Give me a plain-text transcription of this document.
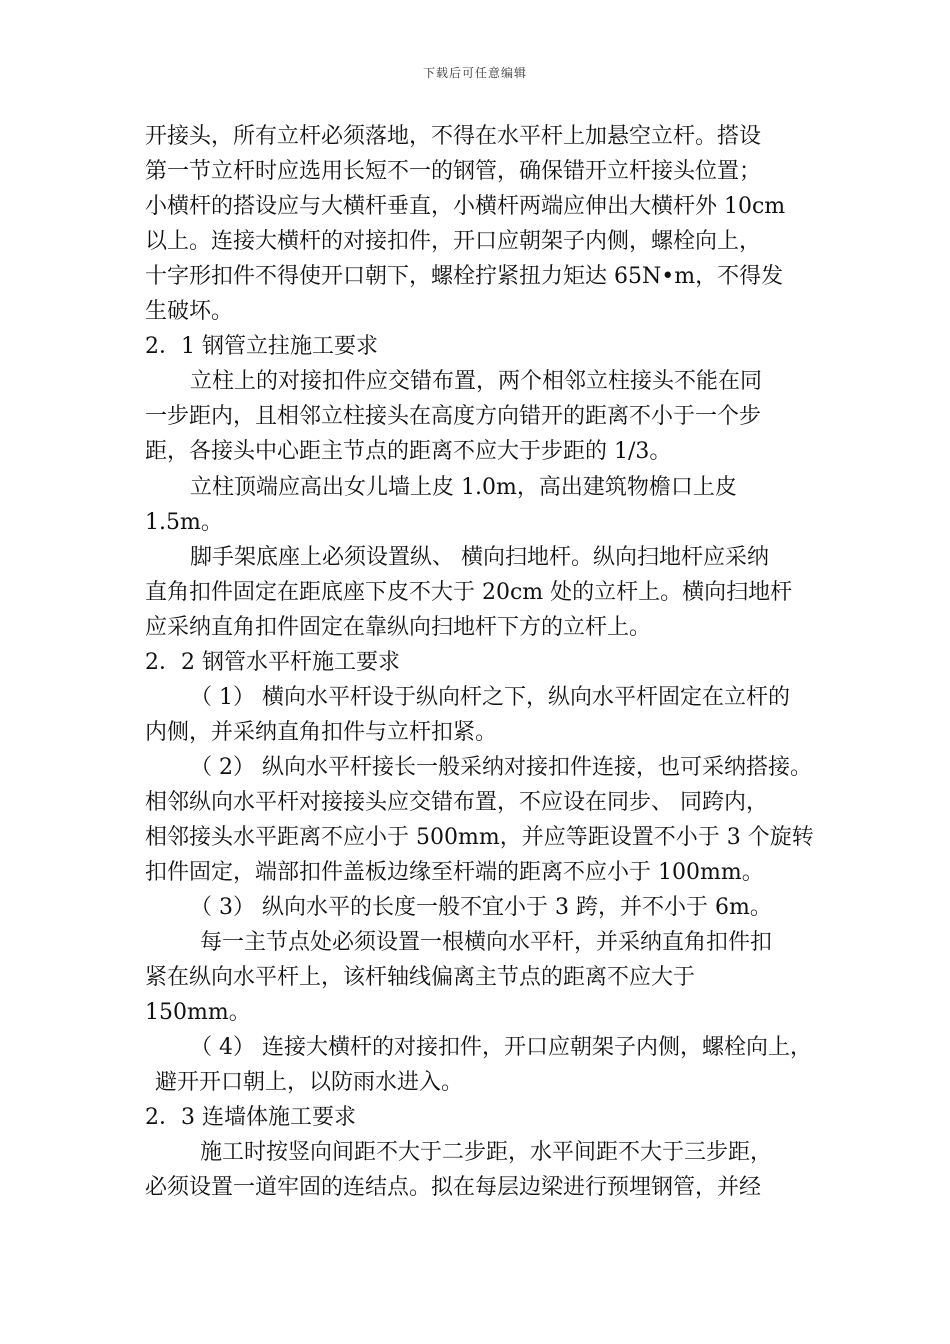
下载后可任意编辑
开接头，所有立杆必须落地，不得在水平杆上加悬空立杆。搭设
第一节立杆时应选用长短不一的钢管，确保错开立杆接头位置；
小横杆的搭设应与大横杆垂直，小横杆两端应伸出大横杆外 10cm
以上。连接大横杆的对接扣件，开口应朝架子内侧，螺栓向上，
十字形扣件不得使开口朝下，螺栓拧紧扭力矩达 65N•m，不得发
生破坏。
2．1 钢管立拄施工要求
立柱上的对接扣件应交错布置，两个相邻立柱接头不能在同
一步距内，且相邻立柱接头在高度方向错开的距离不小于一个步
距，各接头中心距主节点的距离不应大于步距的 1/3。
立柱顶端应高出女儿墙上皮 1.0m，高出建筑物檐口上皮
1.5m。
脚手架底座上必须设置纵、 横向扫地杆。纵向扫地杆应采纳
直角扣件固定在距底座下皮不大于 20cm 处的立杆上。横向扫地杆
应采纳直角扣件固定在靠纵向扫地杆下方的立杆上。
2．2 钢管水平杆施工要求
（ 1） 横向水平杆设于纵向杆之下，纵向水平杆固定在立杆的
内侧，并采纳直角扣件与立杆扣紧。
（ 2） 纵向水平杆接长一般采纳对接扣件连接，也可采纳搭接。
相邻纵向水平杆对接接头应交错布置，不应设在同步、 同跨内，
相邻接头水平距离不应小于 500mm，并应等距设置不小于 3 个旋转
扣件固定，端部扣件盖板边缘至杆端的距离不应小于 100mm。
（ 3） 纵向水平的长度一般不宜小于 3 跨，并不小于 6m。
每一主节点处必须设置一根横向水平杆，并采纳直角扣件扣
紧在纵向水平杆上，该杆轴线偏离主节点的距离不应大于
150mm。
（ 4） 连接大横杆的对接扣件，开口应朝架子内侧，螺栓向上，
避开开口朝上，以防雨水进入。
2．3 连墙体施工要求
施工时按竖向间距不大于二步距，水平间距不大于三步距，
必须设置一道牢固的连结点。拟在每层边梁进行预埋钢管，并经
